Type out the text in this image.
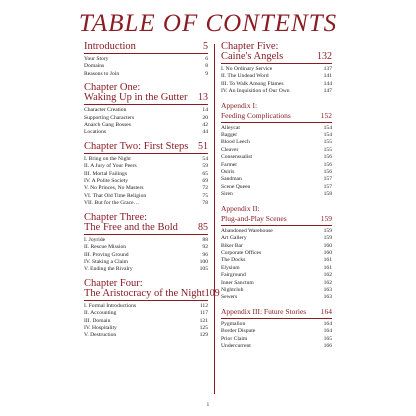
TABLE OF CONTENTS
Introduction	5
Your Story	6
Domains	8
Reasons to Join	9
Chapter One:
Waking Up in the Gutter 13
Character Creation	14
Supporting Characters	20
Anarch Gang Bosses	42
Locations	44
Chapter Two: First Steps 51
I. Bring on the Night	54
II. A Jury of Your Peers	59
III. Mortal Failings	65
IV. A Polite Society	69
V. No Princes, No Masters	72
VI. That Old Time Religion	75
VII. But for the Grace…	78
Chapter Three:
The Free and the Bold 85
I. Joyride	88
II. Rescue Mission	92
III. Proving Ground	96
IV. Staking a Claim	100
V. Ending the Rivalry	105
Chapter Four:
The Aristocracy of the Night 109
I. Formal Introductions	112
II. Accounting	117
III. Domain	121
IV. Hospitality	125
V. Destruction	129
Chapter Five:
Caine's Angels	132
I. No Ordinary Service	137
II. The Undead Word	141
III. To Walk Among Flames	144
IV. An Inquisition of Our Own	147
Appendix I:
Feeding Complications	152
Alleycat	154
Bagger	154
Blood Leech	155
Cleaver	155
Consensualist	156
Farmer	156
Osiris	156
Sandman	157
Scene Queen	157
Siren	158
Appendix II:
Plug-and-Play Scenes	159
Abandoned Warehouse	159
Art Gallery	159
Biker Bar	160
Corporate Offices	160
The Docks	161
Elysium	161
Fairground	162
Inner Sanctum	162
Nightclub	163
Sewers	163
Appendix III: Future Stories 164
Pygmalion	164
Border Dispute	164
Prior Claim	165
Undercurrent	166
1
